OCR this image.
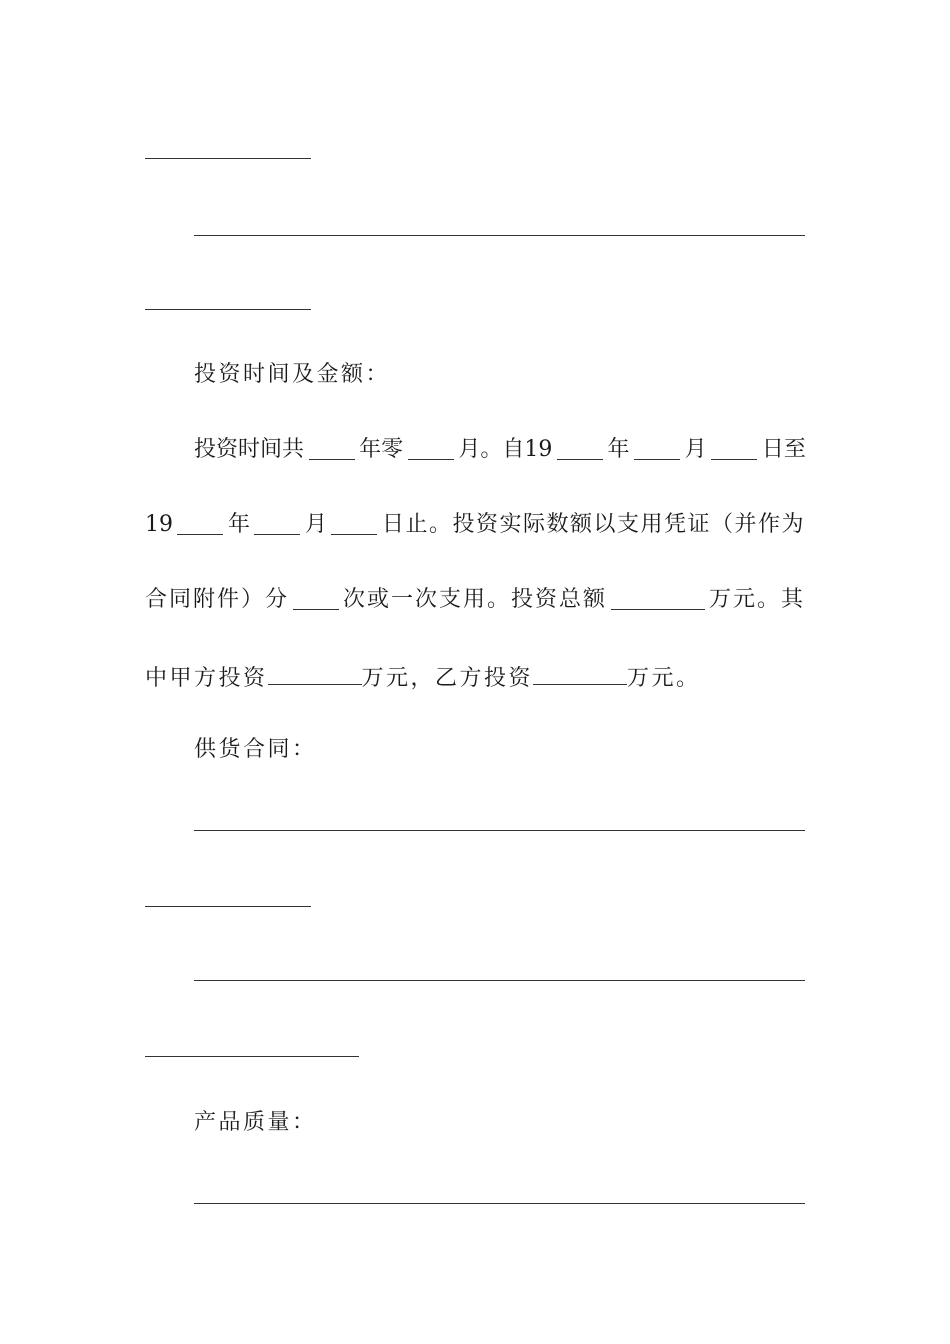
投资时间及金额：
投资时间共	年零	月。自19	年	月	日至
19 年 月 日止。投资实际数额以支用凭证（并作为
合同附件）分 次或一次支用。投资总额	万元。其
中甲方投资	万元，乙方投资	万元。
供货合同：
产品质量：
